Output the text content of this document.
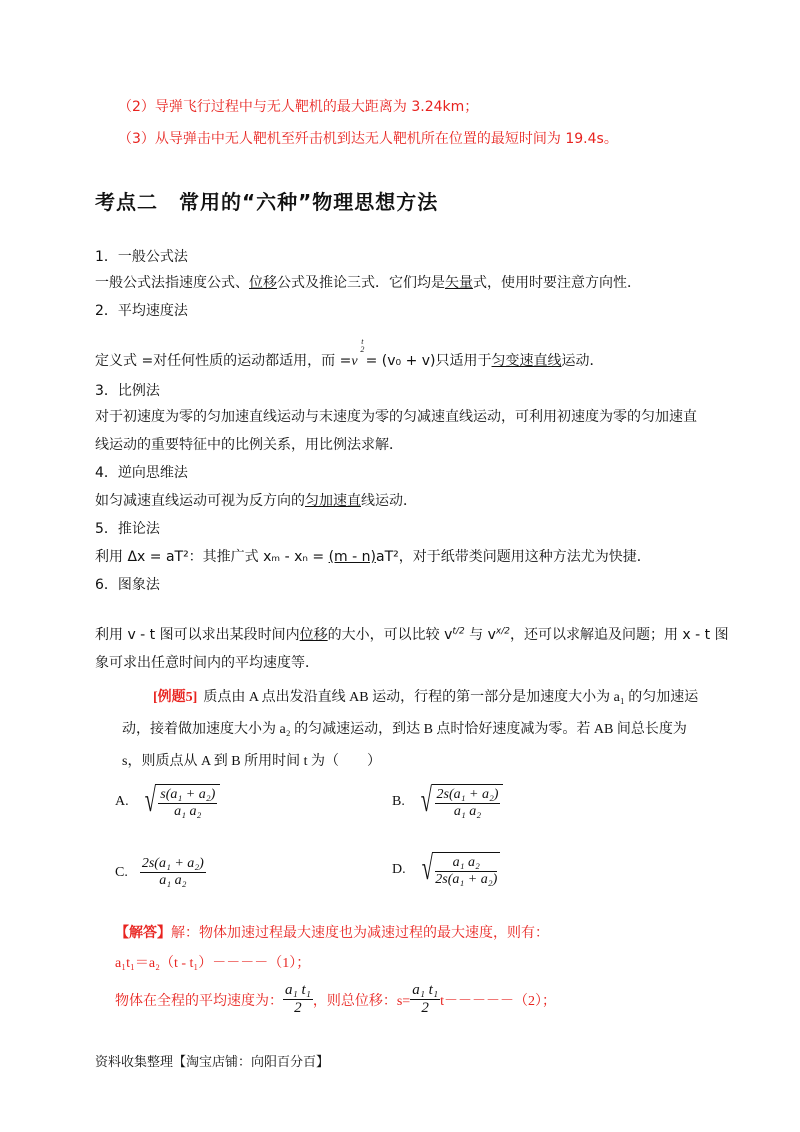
（2）导弹飞行过程中与无人靶机的最大距离为 3.24km；
（3）从导弹击中无人靶机至歼击机到达无人靶机所在位置的最短时间为 19.4s。
考点二　常用的“六种”物理思想方法
1．一般公式法
一般公式法指速度公式、位移公式及推论三式．它们均是矢量式，使用时要注意方向性．
2．平均速度法
定义式 =对任何性质的运动都适用，而 =v
t
2
= (v₀ + v)只适用于匀变速直线运动．
3．比例法
对于初速度为零的匀加速直线运动与末速度为零的匀减速直线运动，可利用初速度为零的匀加速直
线运动的重要特征中的比例关系，用比例法求解．
4．逆向思维法
如匀减速直线运动可视为反方向的匀加速直线运动．
5．推论法
利用 Δx = aT²：其推广式 xₘ - xₙ = (m - n)aT²，对于纸带类问题用这种方法尤为快捷．
6．图象法
利用 v - t 图可以求出某段时间内位移的大小，可以比较 $v^{t/2}$ 与 $v^{x/2}$，还可以求解追及问题；用 x - t 图
象可求出任意时间内的平均速度等．
[例题5] 质点由 A 点出发沿直线 AB 运动，行程的第一部分是加速度大小为 a₁ 的匀加速运
动，接着做加速度大小为 a₂ 的匀减速运动，到达 B 点时恰好速度减为零。若 AB 间总长度为
s，则质点从 A 到 B 所用时间 t 为（　　）
A. √ $\frac{\text{s(a₁ + a₂)}}{\text{a₁ a₂}}$	B. √ $\frac{\text{2s(a₁ + a₂)}}{\text{a₁ a₂}}$
C. $\frac{\text{2s(a₁ + a₂)}}{\text{a₁ a₂}}$	D. √ $\frac{\text{a₁ a₂}}{\text{2s(a₁ + a₂)}}$
【解答】解：物体加速过程最大速度也为减速过程的最大速度，则有：
a₁t₁＝a₂（t - t₁）－－－－（1）；
物体在全程的平均速度为： $\frac{\text{a₁ t₁}}{2}$ ，则总位移：$s= \frac{\text{a₁ t₁}}{2} t-----(2)$；
资料收集整理【淘宝店铺：向阳百分百】
